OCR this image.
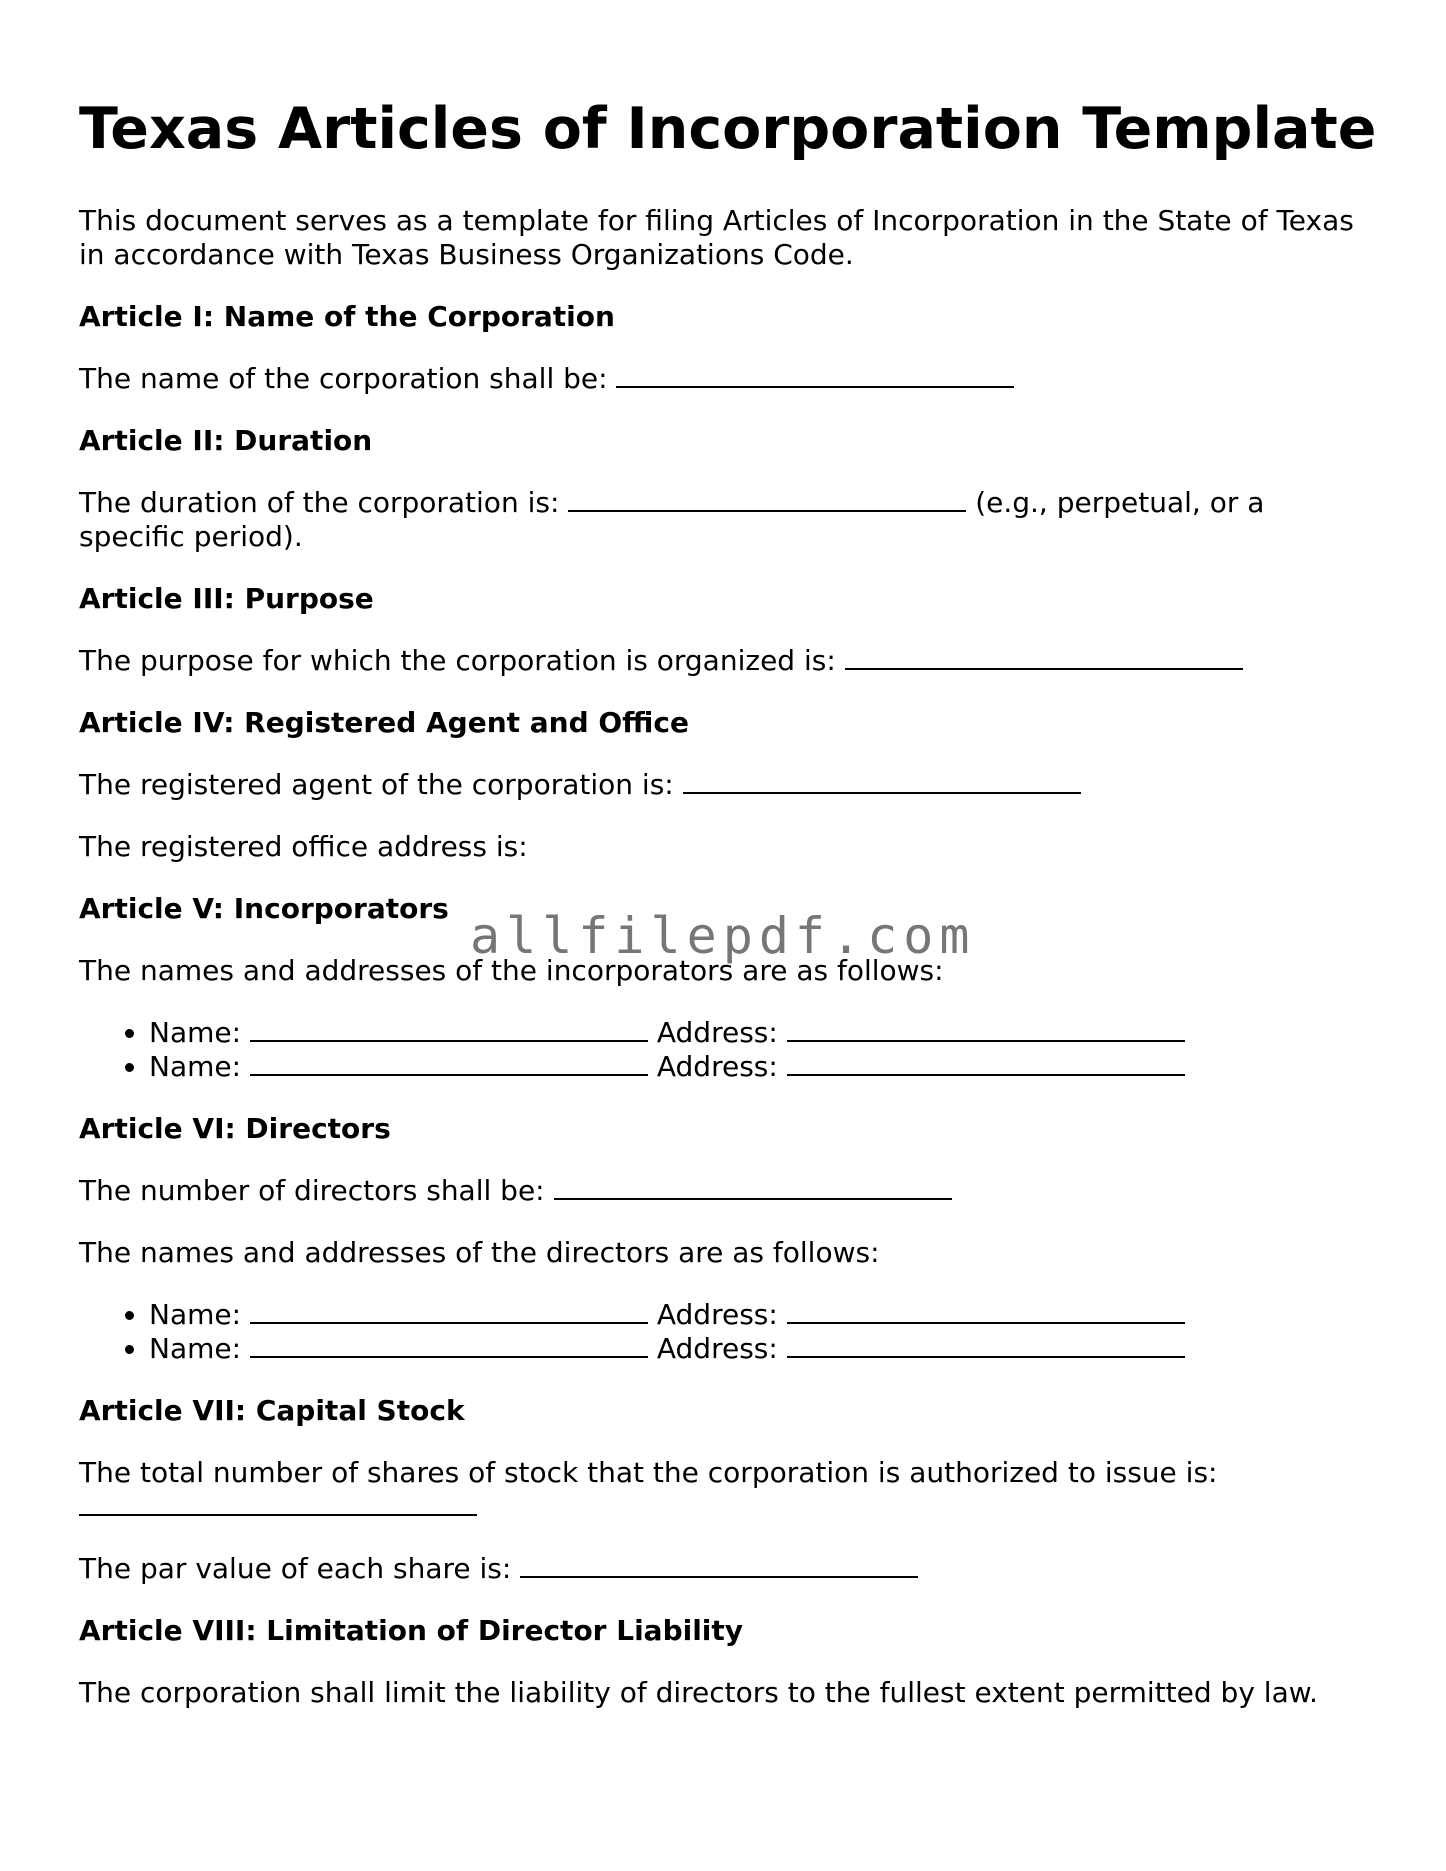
Texas Articles of Incorporation Template

This document serves as a template for filing Articles of Incorporation in the State of Texas in accordance with Texas Business Organizations Code.

Article I: Name of the Corporation

The name of the corporation shall be:

Article II: Duration

The duration of the corporation is:	(e.g., perpetual, or a specific period).

Article III: Purpose

The purpose for which the corporation is organized is:

Article IV: Registered Agent and Office

The registered agent of the corporation is:

The registered office address is:

Article V: Incorporators

The names and addresses of the incorporators are as follows:

• Name:	Address:
• Name:	Address:
Article VI: Directors

The number of directors shall be:

The names and addresses of the directors are as follows:

• Name:	Address:
• Name:	Address:
Article VII: Capital Stock

The total number of shares of stock that the corporation is authorized to issue is:

The par value of each share is:

Article VIII: Limitation of Director Liability

The corporation shall limit the liability of directors to the fullest extent permitted by law.

allfilepdf.com
